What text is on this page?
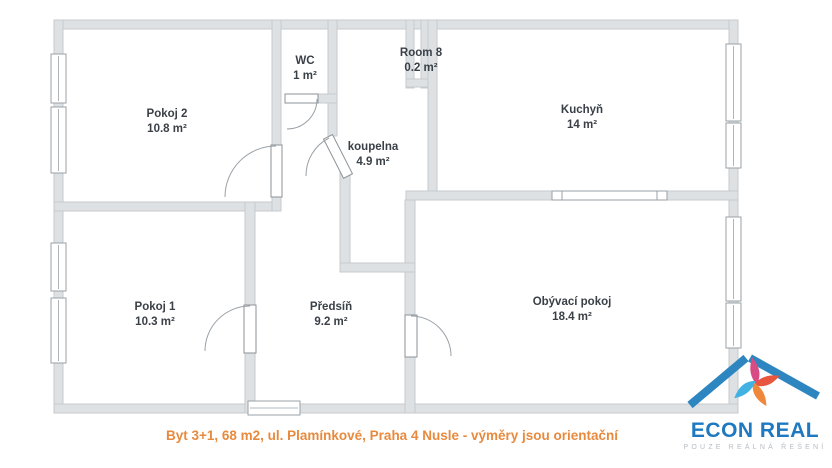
Pokoj 2
10.8 m²
WC
1 m²
Room 8
0.2 m²
Kuchyň
14 m²
koupelna
4.9 m²
Pokoj 1
10.3 m²
Předsíň
9.2 m²
Obývací pokoj
18.4 m²
Byt 3+1, 68 m2, ul. Plamínkové, Praha 4 Nusle - výměry jsou orientační	ECON REAL
POUZE REÁLNÁ ŘEŠENÍ
